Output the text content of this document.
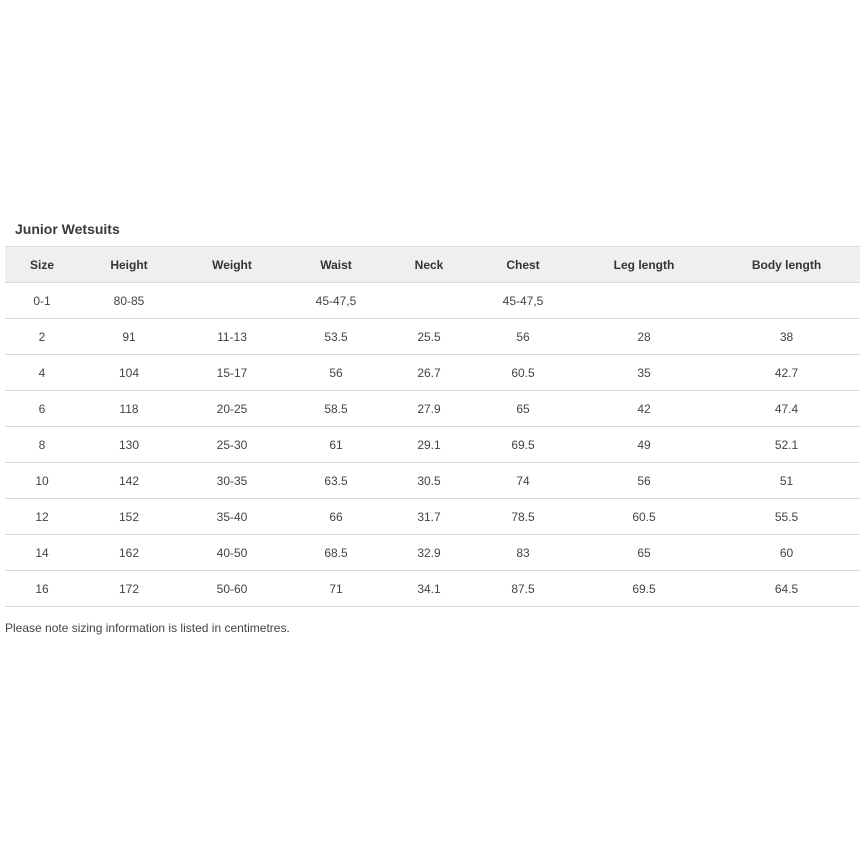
Junior Wetsuits
Size	Height	Weight	Waist	Neck	Chest	Leg length	Body length
0-1	80-85		45-47,5		45-47,5		
2	91	11-13	53.5	25.5	56	28	38
4	104	15-17	56	26.7	60.5	35	42.7
6	118	20-25	58.5	27.9	65	42	47.4
8	130	25-30	61	29.1	69.5	49	52.1
10	142	30-35	63.5	30.5	74	56	51
12	152	35-40	66	31.7	78.5	60.5	55.5
14	162	40-50	68.5	32.9	83	65	60
16	172	50-60	71	34.1	87.5	69.5	64.5
Please note sizing information is listed in centimetres.
